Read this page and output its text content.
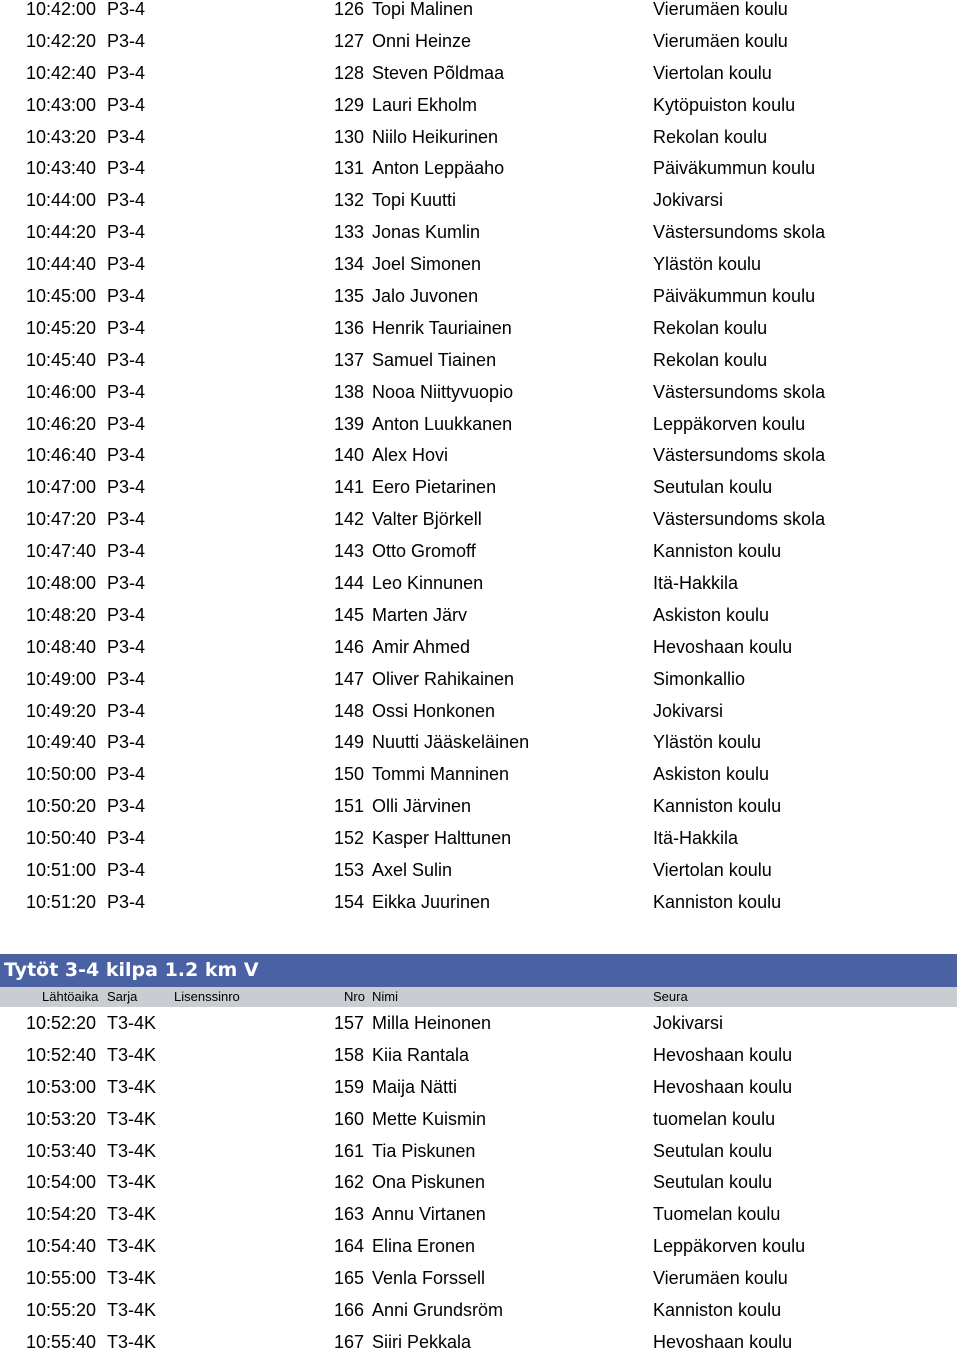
10:42:00 P3-4	126 Topi Malinen	Vierumäen koulu
10:42:20 P3-4	127 Onni Heinze	Vierumäen koulu
10:42:40 P3-4	128 Steven Põldmaa	Viertolan koulu
10:43:00 P3-4	129 Lauri Ekholm	Kytöpuiston koulu
10:43:20 P3-4	130 Niilo Heikurinen	Rekolan koulu
10:43:40 P3-4	131 Anton Leppäaho	Päiväkummun koulu
10:44:00 P3-4	132 Topi Kuutti	Jokivarsi
10:44:20 P3-4	133 Jonas Kumlin	Västersundoms skola
10:44:40 P3-4	134 Joel Simonen	Ylästön koulu
10:45:00 P3-4	135 Jalo Juvonen	Päiväkummun koulu
10:45:20 P3-4	136 Henrik Tauriainen	Rekolan koulu
10:45:40 P3-4	137 Samuel Tiainen	Rekolan koulu
10:46:00 P3-4	138 Nooa Niittyvuopio	Västersundoms skola
10:46:20 P3-4	139 Anton Luukkanen	Leppäkorven koulu
10:46:40 P3-4	140 Alex Hovi	Västersundoms skola
10:47:00 P3-4	141 Eero Pietarinen	Seutulan koulu
10:47:20 P3-4	142 Valter Björkell	Västersundoms skola
10:47:40 P3-4	143 Otto Gromoff	Kanniston koulu
10:48:00 P3-4	144 Leo Kinnunen	Itä-Hakkila
10:48:20 P3-4	145 Marten Järv	Askiston koulu
10:48:40 P3-4	146 Amir Ahmed	Hevoshaan koulu
10:49:00 P3-4	147 Oliver Rahikainen	Simonkallio
10:49:20 P3-4	148 Ossi Honkonen	Jokivarsi
10:49:40 P3-4	149 Nuutti Jääskeläinen	Ylästön koulu
10:50:00 P3-4	150 Tommi Manninen	Askiston koulu
10:50:20 P3-4	151 Olli Järvinen	Kanniston koulu
10:50:40 P3-4	152 Kasper Halttunen	Itä-Hakkila
10:51:00 P3-4	153 Axel Sulin	Viertolan koulu
10:51:20 P3-4	154 Eikka Juurinen	Kanniston koulu
Tytöt 3-4 kilpa 1.2 km V
Lähtöaika Sarja	Lisenssinro	Nro Nimi	Seura
10:52:20 T3-4K	157 Milla Heinonen	Jokivarsi
10:52:40 T3-4K	158 Kiia Rantala	Hevoshaan koulu
10:53:00 T3-4K	159 Maija Nätti	Hevoshaan koulu
10:53:20 T3-4K	160 Mette Kuismin	tuomelan koulu
10:53:40 T3-4K	161 Tia Piskunen	Seutulan koulu
10:54:00 T3-4K	162 Ona Piskunen	Seutulan koulu
10:54:20 T3-4K	163 Annu Virtanen	Tuomelan koulu
10:54:40 T3-4K	164 Elina Eronen	Leppäkorven koulu
10:55:00 T3-4K	165 Venla Forssell	Vierumäen koulu
10:55:20 T3-4K	166 Anni Grundsröm	Kanniston koulu
10:55:40 T3-4K	167 Siiri Pekkala	Hevoshaan koulu
